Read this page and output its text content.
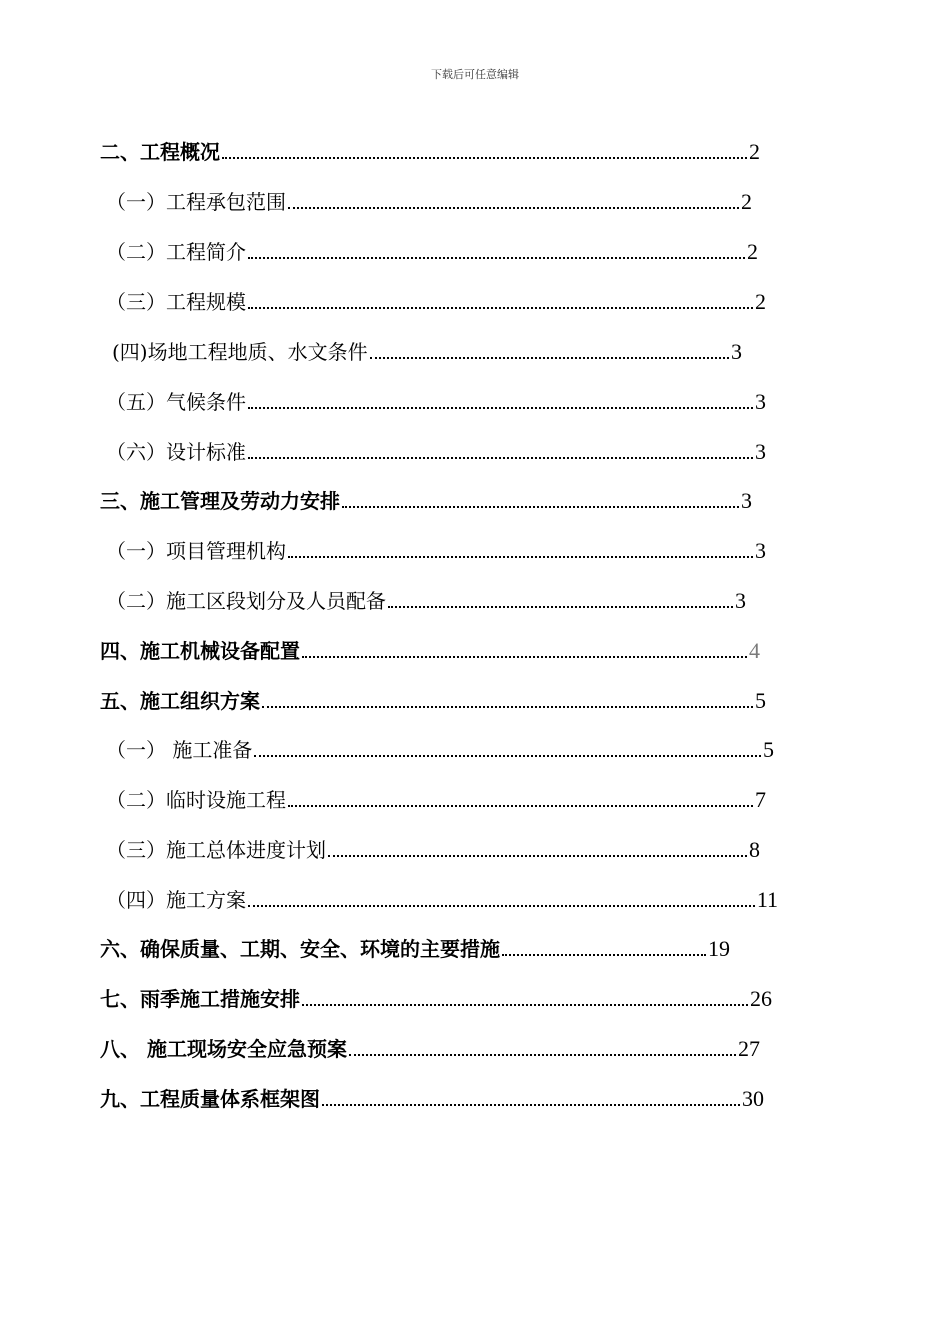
下载后可任意编辑
二、工程概况	2
（一）工程承包范围	2
（二）工程简介	2
（三）工程规模	2
(四)场地工程地质、水文条件	3
（五）气候条件	3
（六）设计标准	3
三、施工管理及劳动力安排	3
（一）项目管理机构	3
（二）施工区段划分及人员配备	3
四、施工机械设备配置	4
五、施工组织方案	5
（一） 施工准备	5
（二）临时设施工程	7
（三）施工总体进度计划	8
（四）施工方案	11
六、确保质量、工期、安全、环境的主要措施	19
七、雨季施工措施安排	26
八、 施工现场安全应急预案	27
九、工程质量体系框架图	30
